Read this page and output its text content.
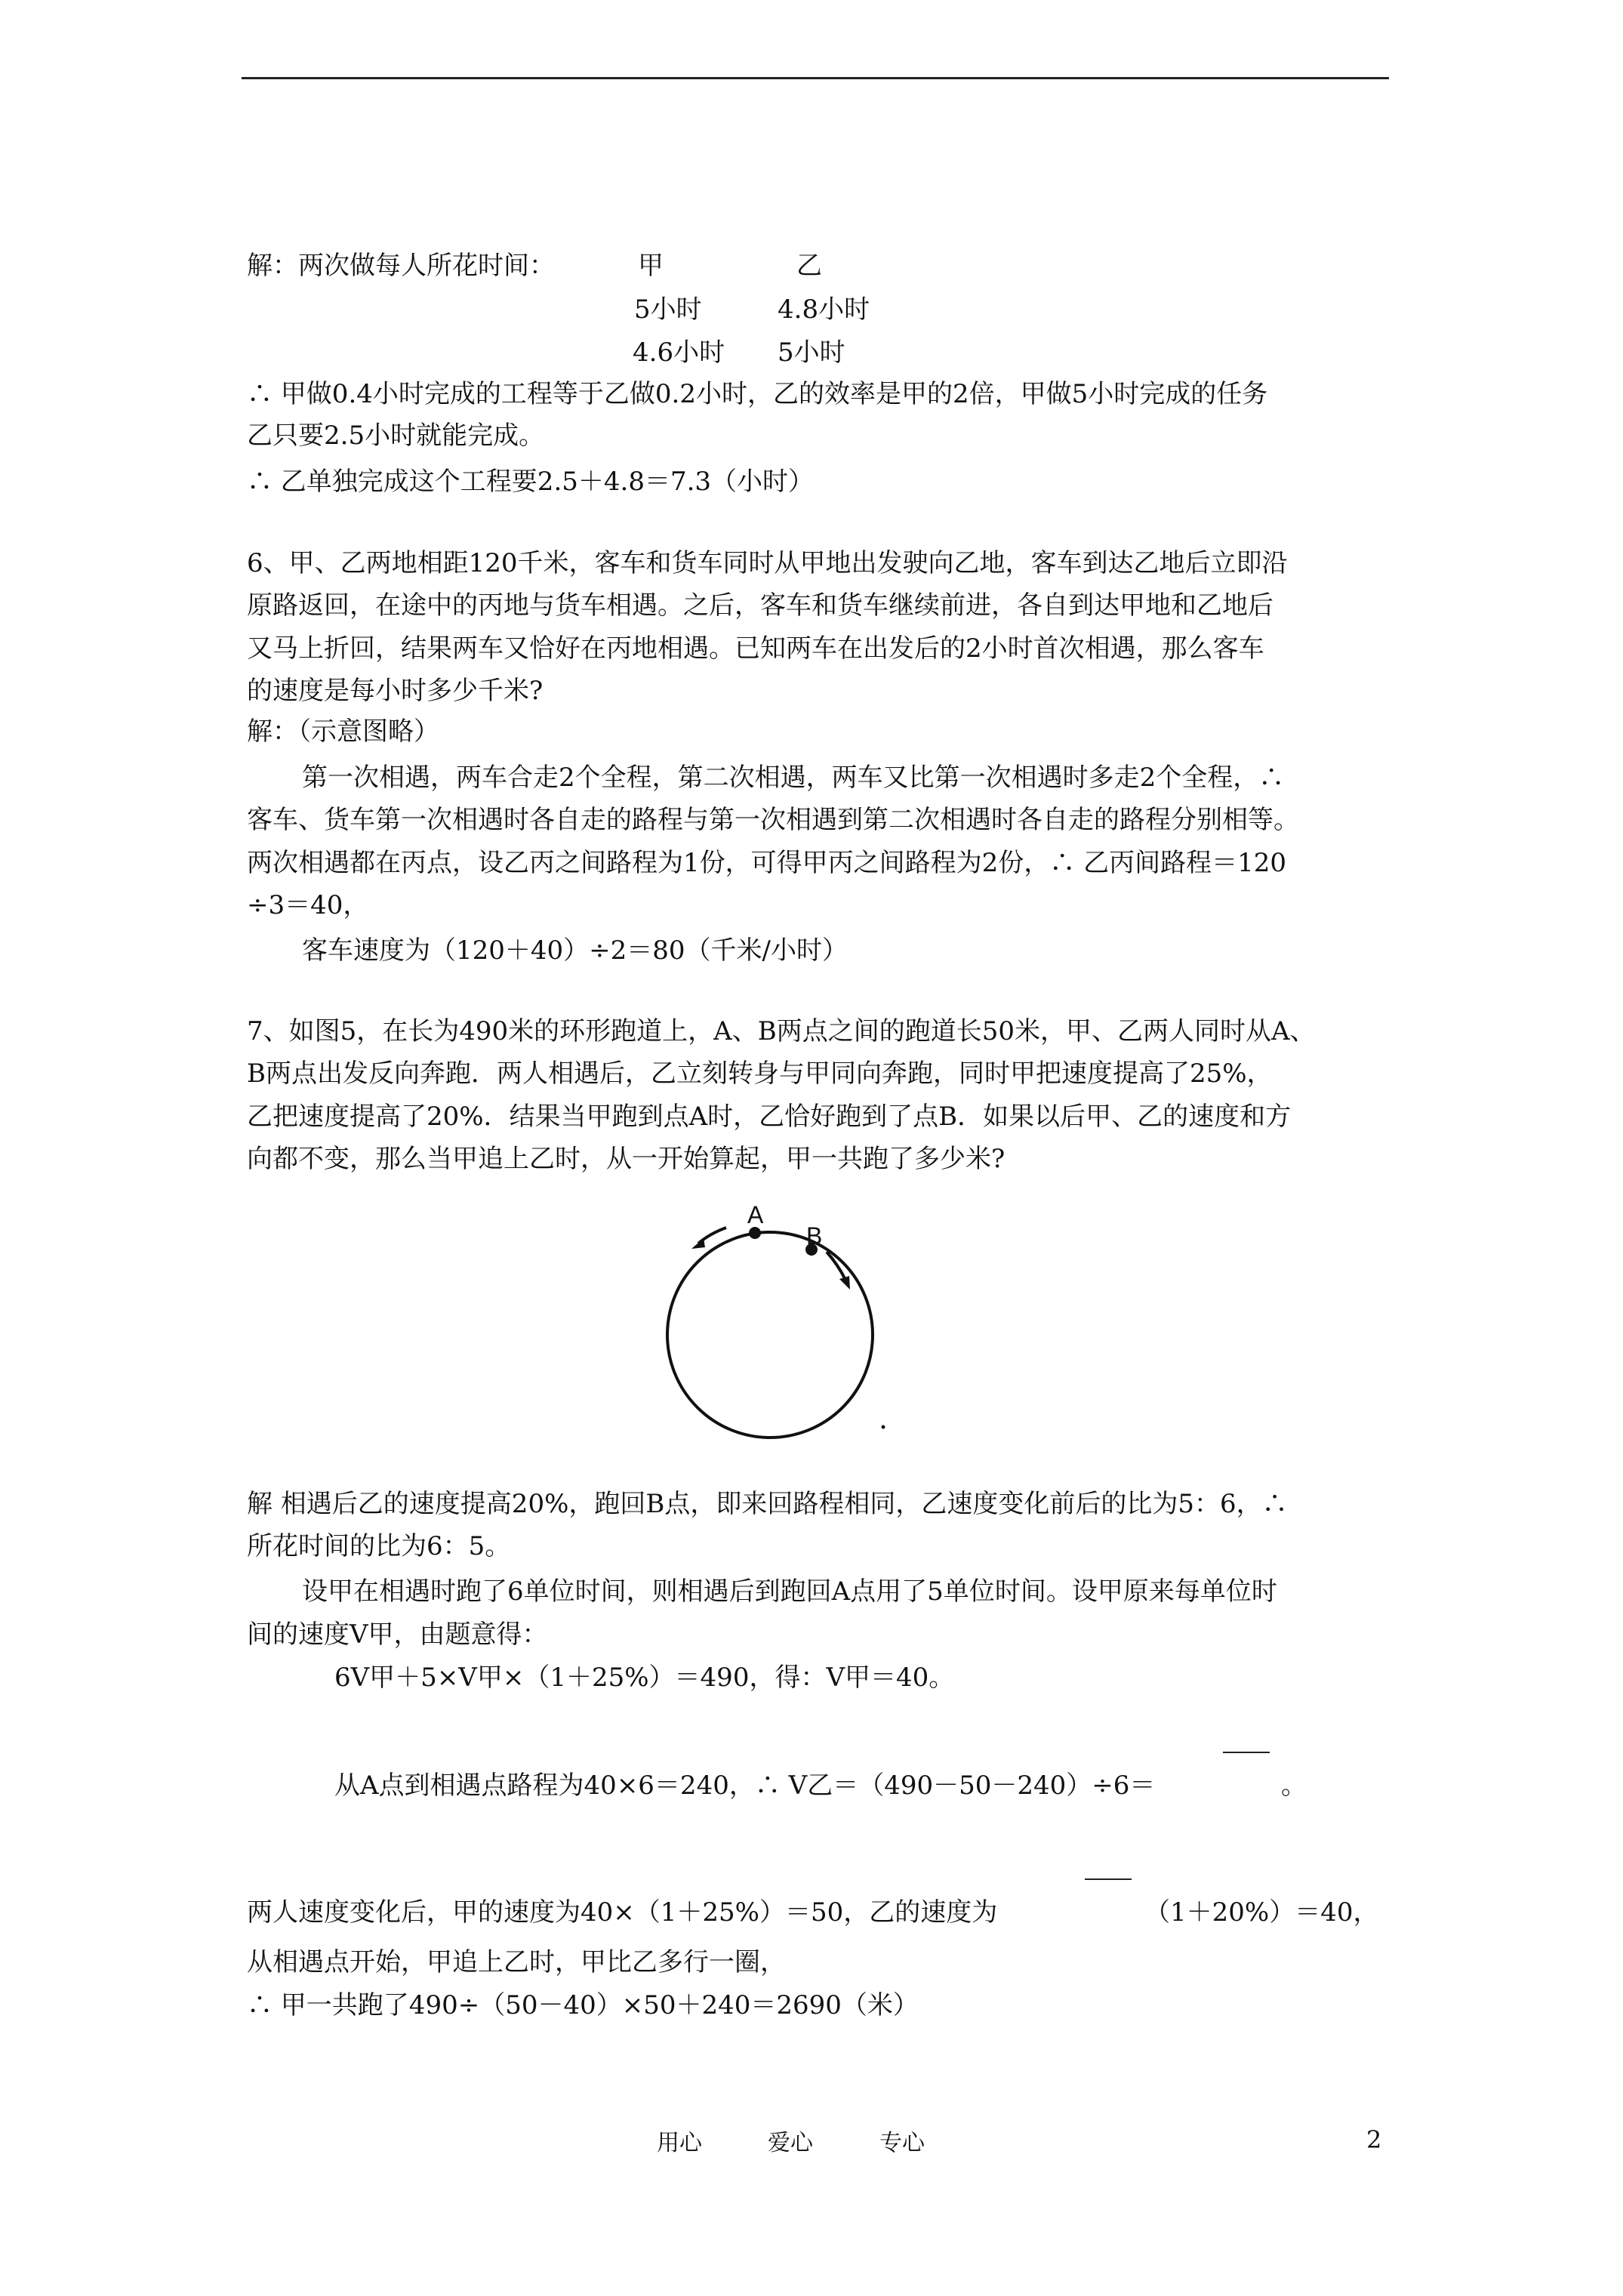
解：两次做每人所花时间：	甲	乙
5小时	4.8小时
4.6小时 5小时
∴ 甲做0.4小时完成的工程等于乙做0.2小时，乙的效率是甲的2倍，甲做5小时完成的任务
乙只要2.5小时就能完成。
∴ 乙单独完成这个工程要2.5＋4.8＝7.3（小时）
6、甲、乙两地相距120千米，客车和货车同时从甲地出发驶向乙地，客车到达乙地后立即沿
原路返回，在途中的丙地与货车相遇。之后，客车和货车继续前进，各自到达甲地和乙地后
又马上折回，结果两车又恰好在丙地相遇。已知两车在出发后的2小时首次相遇，那么客车
的速度是每小时多少千米?
解：（示意图略）
第一次相遇，两车合走2个全程，第二次相遇，两车又比第一次相遇时多走2个全程，∴
客车、货车第一次相遇时各自走的路程与第一次相遇到第二次相遇时各自走的路程分别相等。
两次相遇都在丙点，设乙丙之间路程为1份，可得甲丙之间路程为2份，∴ 乙丙间路程＝120
÷3＝40，
客车速度为（120＋40）÷2＝80（千米/小时）
7、如图5，在长为490米的环形跑道上，A、B两点之间的跑道长50米，甲、乙两人同时从A、
B两点出发反向奔跑．两人相遇后，乙立刻转身与甲同向奔跑，同时甲把速度提高了25%，
乙把速度提高了20%．结果当甲跑到点A时，乙恰好跑到了点B．如果以后甲、乙的速度和方
向都不变，那么当甲追上乙时，从一开始算起，甲一共跑了多少米?
A
B
解 相遇后乙的速度提高20%，跑回B点，即来回路程相同，乙速度变化前后的比为5：6，∴
所花时间的比为6：5。
设甲在相遇时跑了6单位时间，则相遇后到跑回A点用了5单位时间。设甲原来每单位时
间的速度V甲，由题意得：
6V甲＋5×V甲×（1＋25%）＝490，得：V甲＝40。
从A点到相遇点路程为40×6＝240，∴ V乙＝（490－50－240）÷6＝	。
两人速度变化后，甲的速度为40×（1＋25%）＝50，乙的速度为	（1＋20%）＝40，
从相遇点开始，甲追上乙时，甲比乙多行一圈，
∴ 甲一共跑了490÷（50－40）×50＋240＝2690（米）
用心	爱心	专心	2
